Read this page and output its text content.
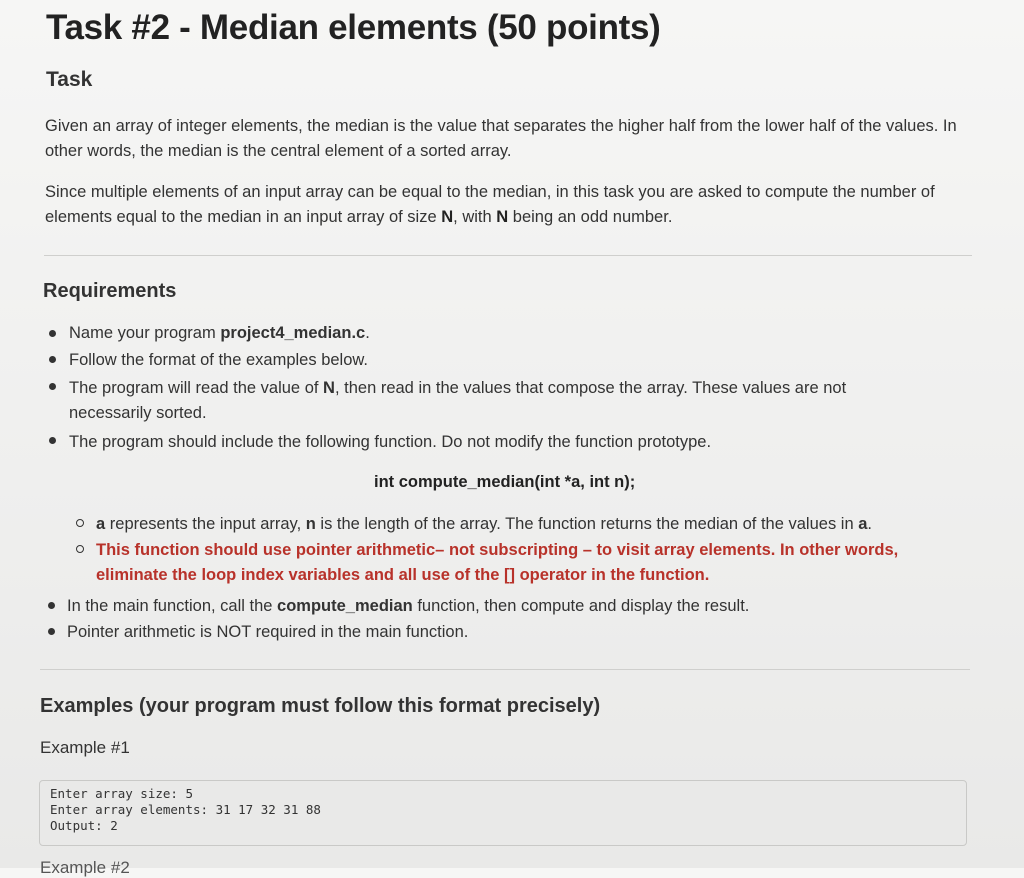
Task #2 - Median elements (50 points)
Task

Given an array of integer elements, the median is the value that separates the higher half from the lower half of the values. In other words, the median is the central element of a sorted array.

Since multiple elements of an input array can be equal to the median, in this task you are asked to compute the number of elements equal to the median in an input array of size N, with N being an odd number.

Requirements
Name your program project4_median.c.
Follow the format of the examples below.
The program will read the value of N, then read in the values that compose the array. These values are not necessarily sorted.
The program should include the following function. Do not modify the function prototype.
int compute_median(int *a, int n);
a represents the input array, n is the length of the array. The function returns the median of the values in a.
This function should use pointer arithmetic– not subscripting – to visit array elements. In other words, eliminate the loop index variables and all use of the [] operator in the function.
In the main function, call the compute_median function, then compute and display the result.
Pointer arithmetic is NOT required in the main function.
Examples (your program must follow this format precisely)
Example #1
Enter array size: 5
Enter array elements: 31 17 32 31 88
Output: 2
Example #2
